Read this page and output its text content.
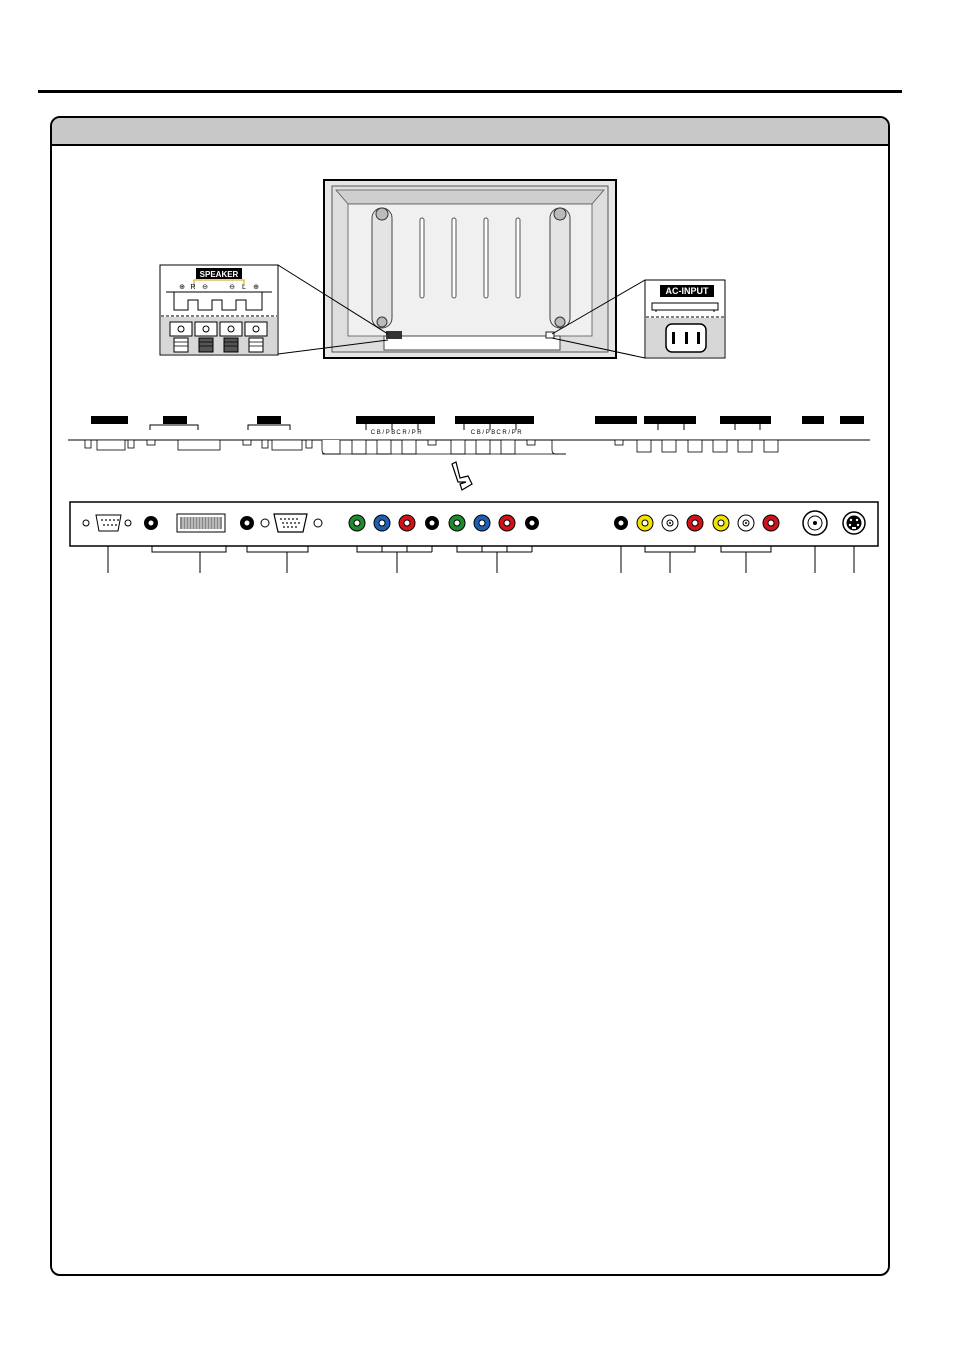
SPEAKER
⊕ R ⊖	⊖ L ⊕	AC-INPUT
C B / P B C R / P R	C B / P B C R / P R
